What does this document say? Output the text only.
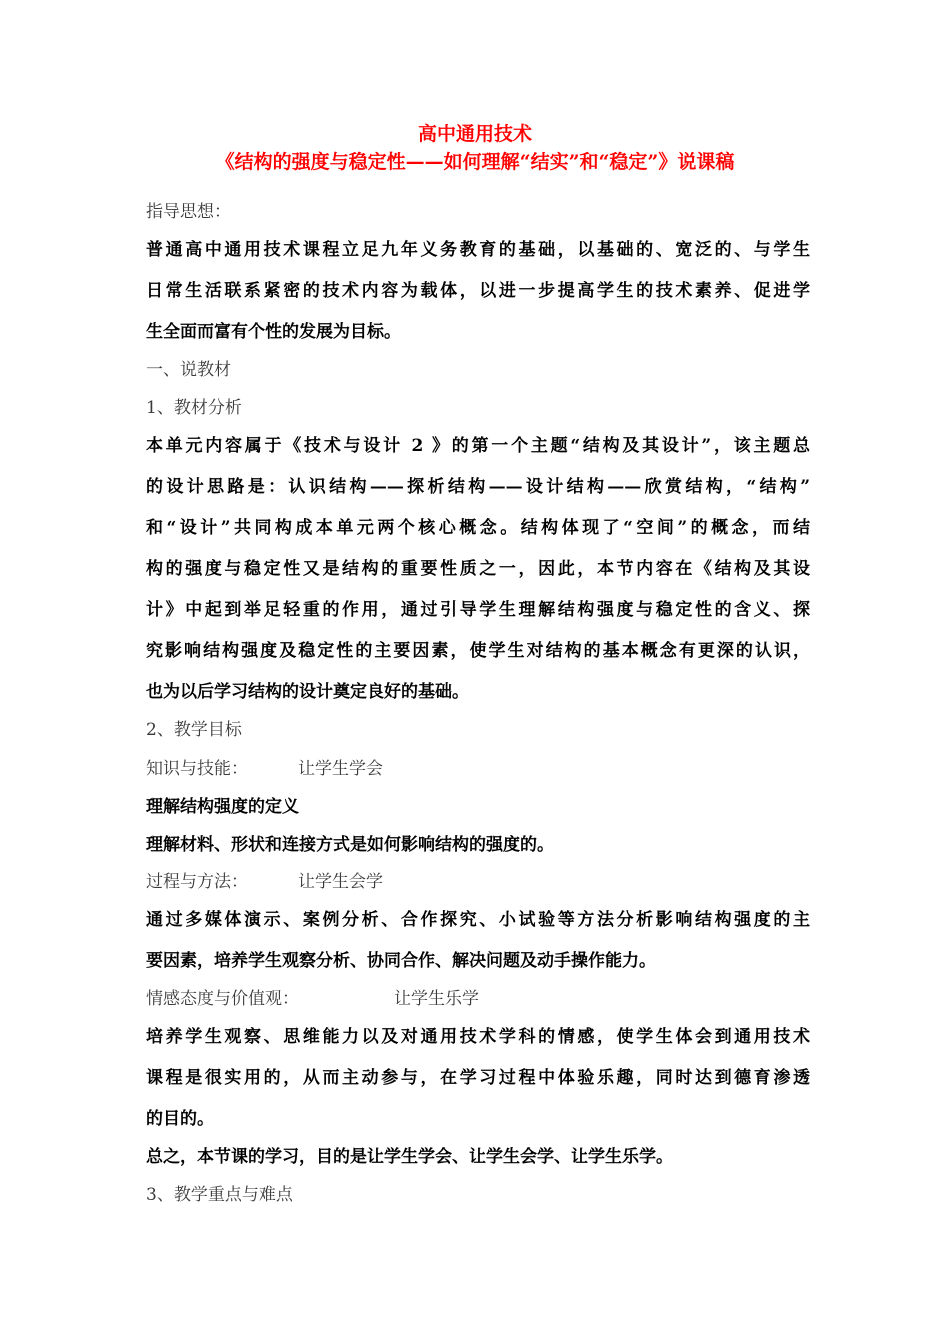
高中通用技术
《结构的强度与稳定性——如何理解“结实”和“稳定”》说课稿
指导思想：
普通高中通用技术课程立足九年义务教育的基础，以基础的、宽泛的、与学生
日常生活联系紧密的技术内容为载体，以进一步提高学生的技术素养、促进学
生全面而富有个性的发展为目标。
一、说教材
1、教材分析
本单元内容属于《技术与设计 2 》的第一个主题“结构及其设计”，该主题总
的设计思路是：认识结构——探析结构——设计结构——欣赏结构，“结构”
和“设计”共同构成本单元两个核心概念。结构体现了“空间”的概念，而结
构的强度与稳定性又是结构的重要性质之一，因此，本节内容在《结构及其设
计》中起到举足轻重的作用，通过引导学生理解结构强度与稳定性的含义、探
究影响结构强度及稳定性的主要因素，使学生对结构的基本概念有更深的认识，
也为以后学习结构的设计奠定良好的基础。
2、教学目标
知识与技能：	让学生学会
理解结构强度的定义
理解材料、形状和连接方式是如何影响结构的强度的。
过程与方法：	让学生会学
通过多媒体演示、案例分析、合作探究、小试验等方法分析影响结构强度的主
要因素，培养学生观察分析、协同合作、解决问题及动手操作能力。
情感态度与价值观：	让学生乐学
培养学生观察、思维能力以及对通用技术学科的情感，使学生体会到通用技术
课程是很实用的，从而主动参与，在学习过程中体验乐趣，同时达到德育渗透
的目的。
总之，本节课的学习，目的是让学生学会、让学生会学、让学生乐学。
3、教学重点与难点
